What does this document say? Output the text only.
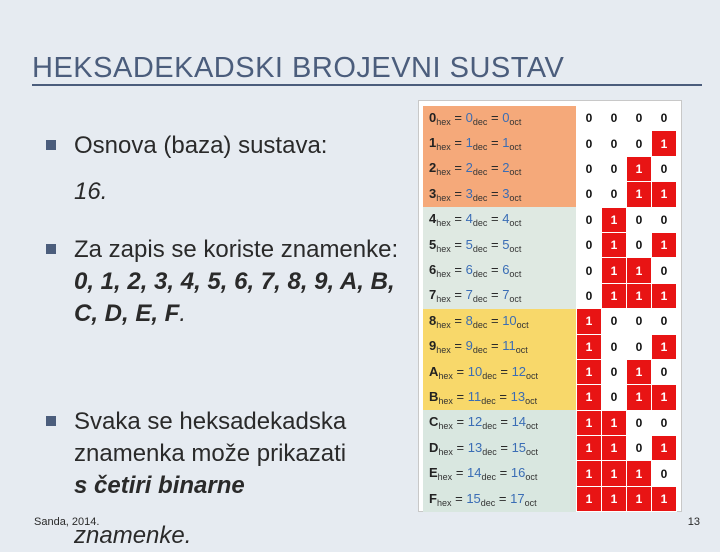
HEKSADEKADSKI BROJEVNI SUSTAV
Osnova (baza) sustava:
16.
Za zapis se koriste znamenke:
0, 1, 2, 3, 4, 5, 6, 7, 8, 9, A, B, C, D, E, F.
Svaka se heksadekadska znamenka može prikazati
s četiri binarne
znamenke.
Sanda, 2014.	13
$0_{hex} = 0_{dec} = 0_{oct}$	0	0	0	0
$1_{hex} = 1_{dec} = 1_{oct}$	0	0	0	1
$2_{hex} = 2_{dec} = 2_{oct}$	0	0	1	0
$3_{hex} = 3_{dec} = 3_{oct}$	0	0	1	1
$4_{hex} = 4_{dec} = 4_{oct}$	0	1	0	0
$5_{hex} = 5_{dec} = 5_{oct}$	0	1	0	1
$6_{hex} = 6_{dec} = 6_{oct}$	0	1	1	0
$7_{hex} = 7_{dec} = 7_{oct}$	0	1	1	1
$8_{hex} = 8_{dec} = 10_{oct}$	1	0	0	0
$9_{hex} = 9_{dec} = 11_{oct}$	1	0	0	1
$A_{hex} = 10_{dec} = 12_{oct}$	1	0	1	0
$B_{hex} = 11_{dec} = 13_{oct}$	1	0	1	1
$C_{hex} = 12_{dec} = 14_{oct}$	1	1	0	0
$D_{hex} = 13_{dec} = 15_{oct}$	1	1	0	1
$E_{hex} = 14_{dec} = 16_{oct}$	1	1	1	0
$F_{hex} = 15_{dec} = 17_{oct}$	1	1	1	1
